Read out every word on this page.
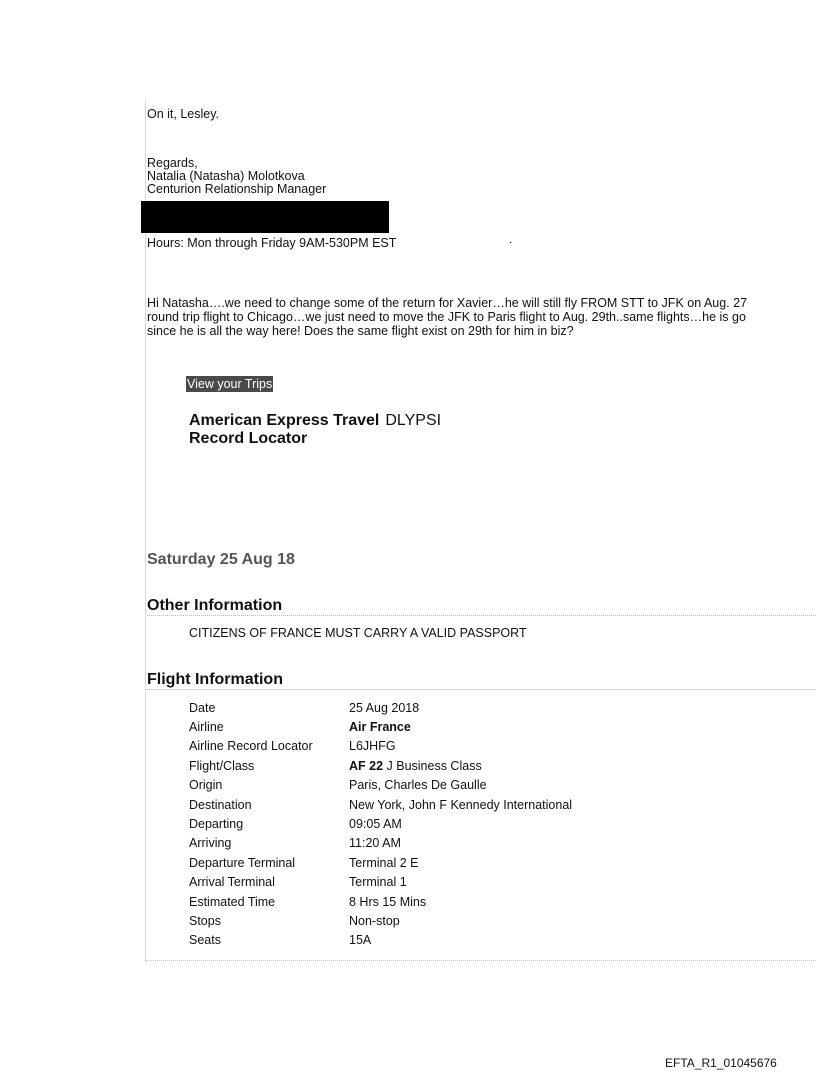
On it, Lesley.
Regards,
Natalia (Natasha) Molotkova
Centurion Relationship Manager
Hours: Mon through Friday 9AM-530PM EST	.
Hi Natasha….we need to change some of the return for Xavier…he will still fly FROM STT to JFK on Aug. 27
round trip flight to Chicago…we just need to move the JFK to Paris flight to Aug. 29th..same flights…he is go
since he is all the way here! Does the same flight exist on 29th for him in biz?
View your Trips
American Express Travel DLYPSI
Record Locator
Saturday 25 Aug 18
Other Information
CITIZENS OF FRANCE MUST CARRY A VALID PASSPORT
Flight Information
Date	25 Aug 2018
Airline	Air France
Airline Record Locator	L6JHFG
Flight/Class	AF 22 J Business Class
Origin	Paris, Charles De Gaulle
Destination	New York, John F Kennedy International
Departing	09:05 AM
Arriving	11:20 AM
Departure Terminal	Terminal 2 E
Arrival Terminal	Terminal 1
Estimated Time	8 Hrs 15 Mins
Stops	Non-stop
Seats	15A
EFTA_R1_01045676
